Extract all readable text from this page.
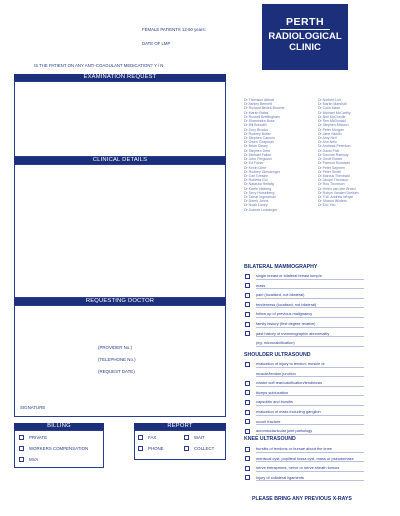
FEMALE PATIENTS 12-50 years:
DATE OF LMP
IS THE PATIENT ON ANY ANTI-COAGULANT MEDICATION? Y / N
PERTH
RADIOLOGICAL
CLINIC
EXAMINATION REQUEST
CLINICAL DETAILS
REQUESTING DOCTOR
(PROVIDER No.)
(TELEPHONE No.)
(REQUEST DATE)
SIGNATURE
BILLING
PRIVATE
WORKERS COMPENSATION
MVA
REPORT
FAX	WAIT
PHONE	COLLECT
Dr Thomson Abbott
Dr Ashley Bennett
Dr Richard Bedell-Browne
Dr Martin Bates
Dr Russell Brettingham
Dr Shamindra Bose
Dr Bill Breadth
Dr Tony Brooks
Dr Rodney Butler
Dr Stephen Cannon
Dr Owen Chapman
Dr Brian Cleary
Dr Stephen Dent
Dr Michael Fallon
Dr John Ferguson
Dr Ed Fisher
Dr Kevin Gere
Dr Rodney Glendenger
Dr Carl Gresinn
Dr Roberta Gui
Dr Natasha Hellwig
Dr Karrie Helberg
Dr Terry Horselberg
Dr Tamar Ingmarhan
Dr Derek Johns
Dr Noah Laney
Dr Joanne Ledwinger
Dr Norbert Luh
Dr Martin Marshall
Dr Colin Mase
Dr Michael McCarthy
Dr Neil McCrindle
Dr Sen McDonald
Dr Stephen Mission
Dr Peter Morgan
Dr Jane Nicklin
Dr Amy Neil
Dr Ann Nelo
Dr Andreas Peterson
Dr David Pick
Dr Duncan Ramsay
Dr Geoff Robeir
Dr Parmon Rowdwin
Dr Peter Saymen
Dr Peter Smith
Dr Marcus Thenbald
Dr Jacqui Thomson
Dr Roo Thomson
Dr Helen van den Broed
Dr Robyn Vanden Dreisen
Dr Y.W. Andrew Whyte
Dr Sharon Winters
Dr Eric Yeo
BILATERAL MAMMOGRAPHY
single breast or bilateral breast lump/s
mass
pain (localised, not bilateral)
tenderness (localised, not bilateral)
follow up of previous malignancy
family history (first degree relative)
past history of mammographic abnormality
(eg: microcalcification)
SHOULDER ULTRASOUND
evaluation of injury to tendon, muscle or
muscle/tendon junction
rotator cuff tear/calcification/tendinosis
biceps subluxation
capsulitis and bursitis
evaluation of mass including ganglion
occult fracture
acromioclavicular joint pathology
KNEE ULTRASOUND
bursitis of tendons or bursae about the knee
meniscal cyst, popliteal fossa cyst, mass or pseudomass
nerve entrapment, nerve or nerve sheath tumour
injury of collateral ligaments
PLEASE BRING ANY PREVIOUS X-RAYS
